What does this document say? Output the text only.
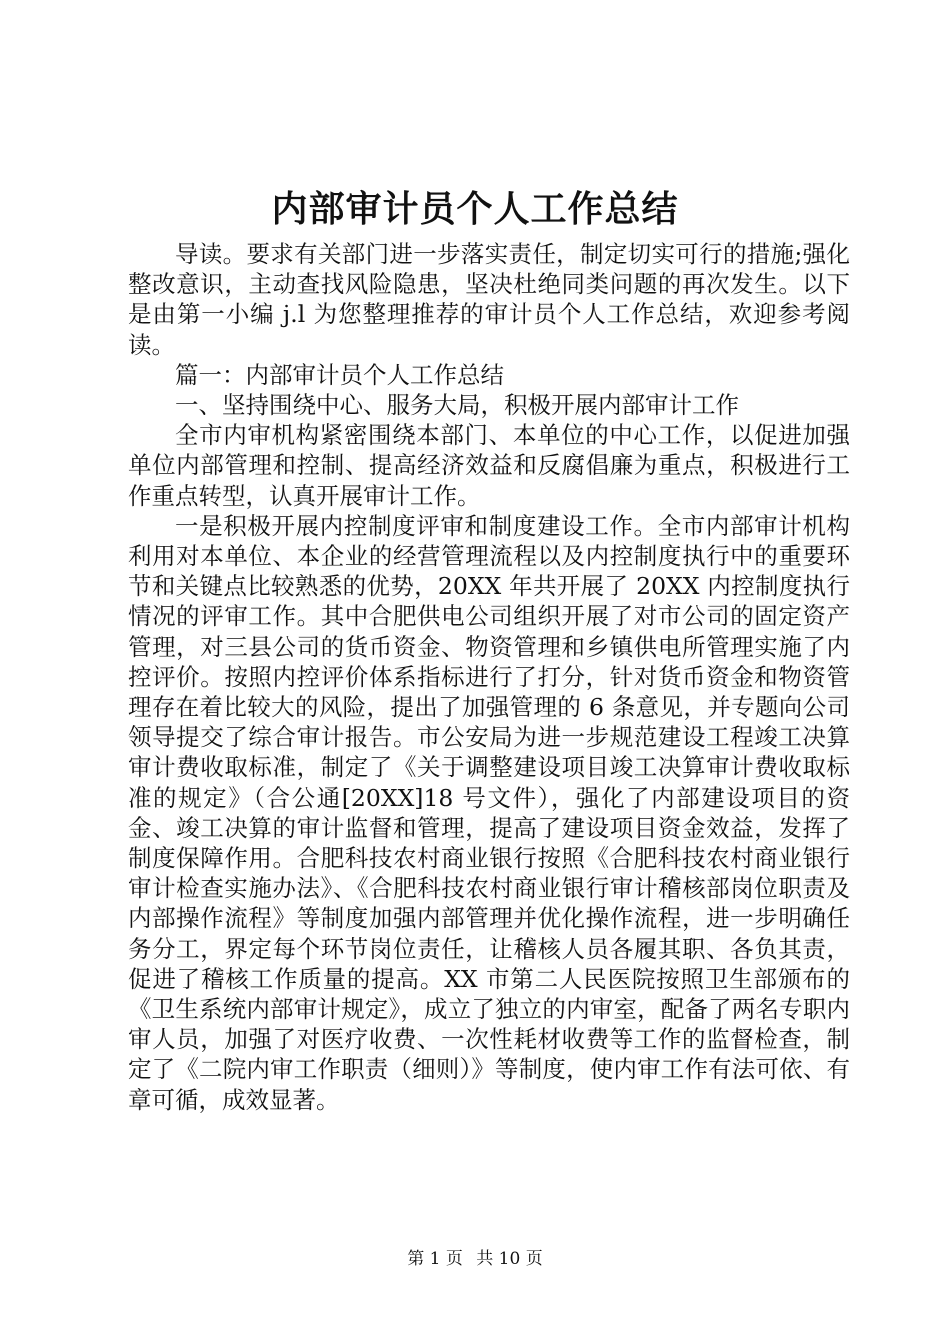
内部审计员个人工作总结

导读。要求有关部门进一步落实责任，制定切实可行的措施;强化整改意识，主动查找风险隐患，坚决杜绝同类问题的再次发生。以下是由第一小编 j.l 为您整理推荐的审计员个人工作总结，欢迎参考阅读。

篇一：内部审计员个人工作总结

一、坚持围绕中心、服务大局，积极开展内部审计工作

全市内审机构紧密围绕本部门、本单位的中心工作，以促进加强单位内部管理和控制、提高经济效益和反腐倡廉为重点，积极进行工作重点转型，认真开展审计工作。

一是积极开展内控制度评审和制度建设工作。全市内部审计机构利用对本单位、本企业的经营管理流程以及内控制度执行中的重要环节和关键点比较熟悉的优势，20XX 年共开展了 20XX 内控制度执行情况的评审工作。其中合肥供电公司组织开展了对市公司的固定资产管理，对三县公司的货币资金、物资管理和乡镇供电所管理实施了内控评价。按照内控评价体系指标进行了打分，针对货币资金和物资管理存在着比较大的风险，提出了加强管理的 6 条意见，并专题向公司领导提交了综合审计报告。市公安局为进一步规范建设工程竣工决算审计费收取标准，制定了《关于调整建设项目竣工决算审计费收取标准的规定》（合公通[20XX]18 号文件），强化了内部建设项目的资金、竣工决算的审计监督和管理，提高了建设项目资金效益，发挥了制度保障作用。合肥科技农村商业银行按照《合肥科技农村商业银行审计检查实施办法》、《合肥科技农村商业银行审计稽核部岗位职责及内部操作流程》等制度加强内部管理并优化操作流程，进一步明确任务分工，界定每个环节岗位责任，让稽核人员各履其职、各负其责，促进了稽核工作质量的提高。XX 市第二人民医院按照卫生部颁布的《卫生系统内部审计规定》，成立了独立的内审室，配备了两名专职内审人员，加强了对医疗收费、一次性耗材收费等工作的监督检查，制定了《二院内审工作职责（细则）》等制度，使内审工作有法可依、有章可循，成效显著。

第 1 页 共 10 页
